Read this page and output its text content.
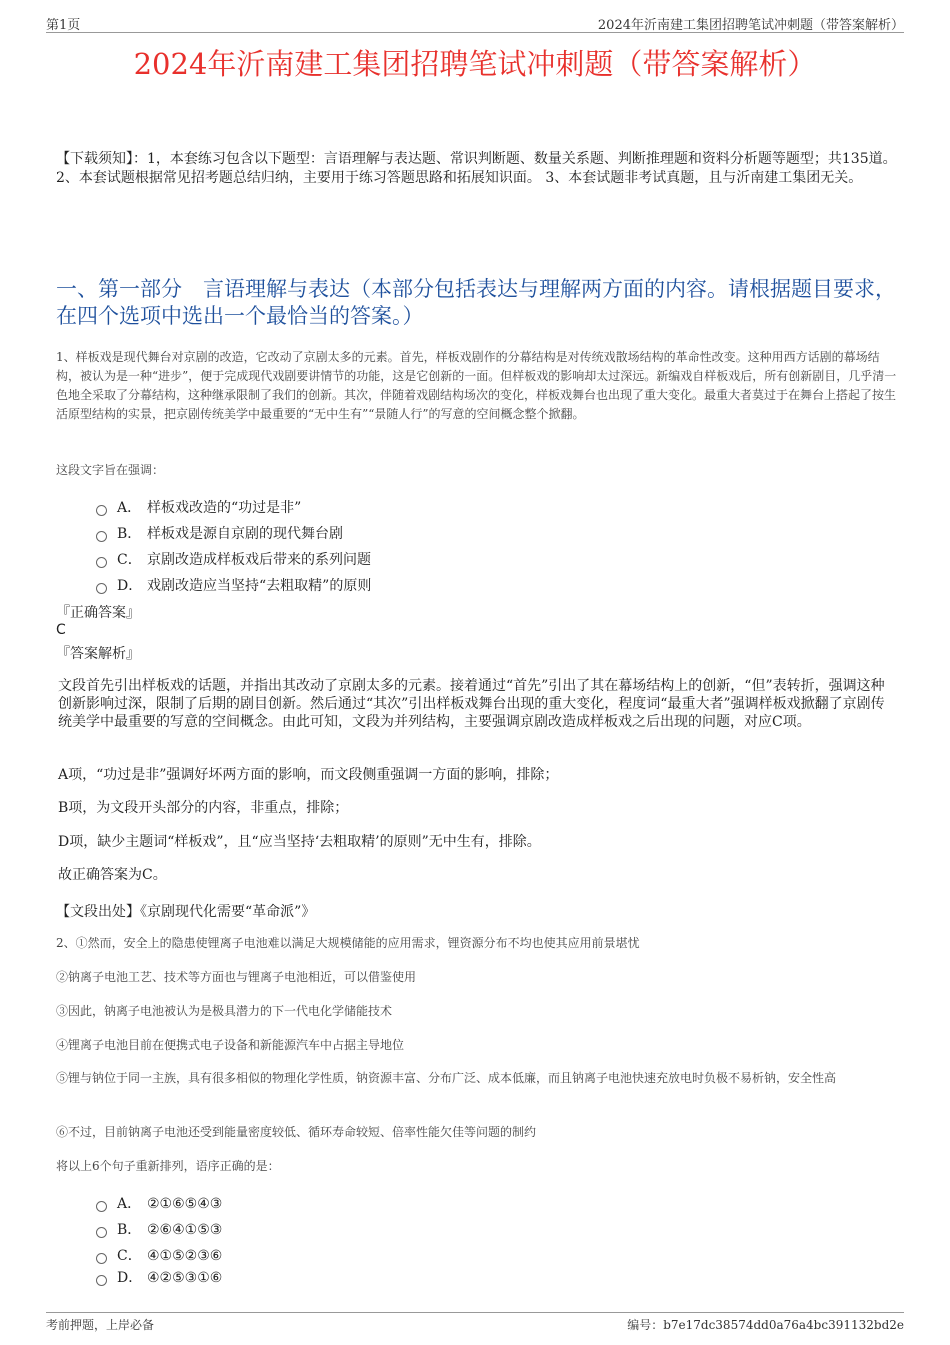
第1页	2024年沂南建工集团招聘笔试冲刺题（带答案解析）
2024年沂南建工集团招聘笔试冲刺题（带答案解析）
【下载须知】：1，本套练习包含以下题型：言语理解与表达题、常识判断题、数量关系题、判断推理题和资料分析题等题型；共135道。 2、本套试题根据常见招考题总结归纳，主要用于练习答题思路和拓展知识面。 3、本套试题非考试真题，且与沂南建工集团无关。
一、第一部分　言语理解与表达（本部分包括表达与理解两方面的内容。请根据题目要求，在四个选项中选出一个最恰当的答案。）
1、样板戏是现代舞台对京剧的改造，它改动了京剧太多的元素。首先，样板戏剧作的分幕结构是对传统戏散场结构的革命性改变。这种用西方话剧的幕场结构，被认为是一种“进步”，便于完成现代戏剧要讲情节的功能，这是它创新的一面。但样板戏的影响却太过深远。新编戏自样板戏后，所有创新剧目，几乎清一色地全采取了分幕结构，这种继承限制了我们的创新。其次，伴随着戏剧结构场次的变化，样板戏舞台也出现了重大变化。最重大者莫过于在舞台上搭起了按生活原型结构的实景，把京剧传统美学中最重要的“无中生有”“景随人行”的写意的空间概念整个掀翻。
这段文字旨在强调：
A． 样板戏改造的“功过是非”
B． 样板戏是源自京剧的现代舞台剧
C． 京剧改造成样板戏后带来的系列问题
D． 戏剧改造应当坚持“去粗取精”的原则
『正确答案』
C
『答案解析』
文段首先引出样板戏的话题，并指出其改动了京剧太多的元素。接着通过“首先”引出了其在幕场结构上的创新，“但”表转折，强调这种创新影响过深，限制了后期的剧目创新。然后通过“其次”引出样板戏舞台出现的重大变化，程度词“最重大者”强调样板戏掀翻了京剧传统美学中最重要的写意的空间概念。由此可知，文段为并列结构，主要强调京剧改造成样板戏之后出现的问题，对应C项。
A项，“功过是非”强调好坏两方面的影响，而文段侧重强调一方面的影响，排除；
B项，为文段开头部分的内容，非重点，排除；
D项，缺少主题词“样板戏”，且“应当坚持‘去粗取精’的原则”无中生有，排除。
故正确答案为C。
【文段出处】《京剧现代化需要“革命派”》
2、①然而，安全上的隐患使锂离子电池难以满足大规模储能的应用需求，锂资源分布不均也使其应用前景堪忧
②钠离子电池工艺、技术等方面也与锂离子电池相近，可以借鉴使用
③因此，钠离子电池被认为是极具潜力的下一代电化学储能技术
④锂离子电池目前在便携式电子设备和新能源汽车中占据主导地位
⑤锂与钠位于同一主族，具有很多相似的物理化学性质，钠资源丰富、分布广泛、成本低廉，而且钠离子电池快速充放电时负极不易析钠，安全性高
⑥不过，目前钠离子电池还受到能量密度较低、循环寿命较短、倍率性能欠佳等问题的制约
将以上6个句子重新排列，语序正确的是：
A． ②①⑥⑤④③
B． ②⑥④①⑤③
C． ④①⑤②③⑥
D． ④②⑤③①⑥
考前押题，上岸必备	编号：b7e17dc38574dd0a76a4bc391132bd2e
